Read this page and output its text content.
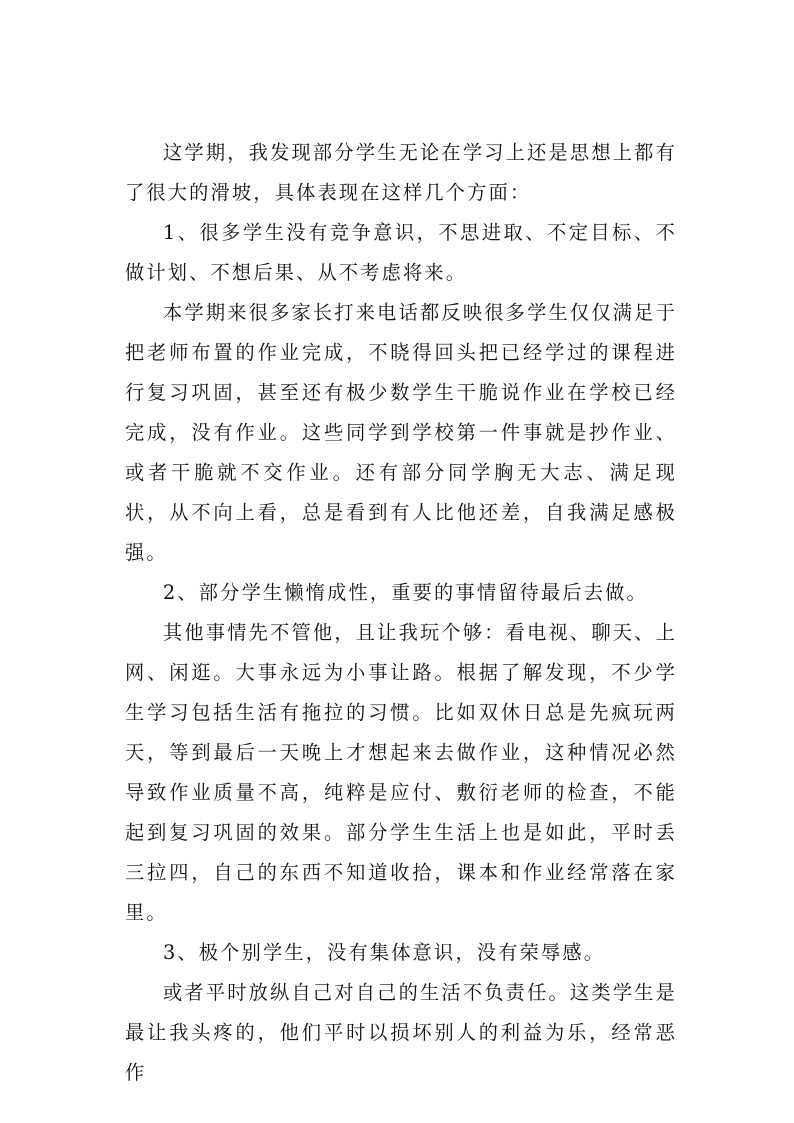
这学期，我发现部分学生无论在学习上还是思想上都有了很大的滑坡，具体表现在这样几个方面：

1、很多学生没有竞争意识，不思进取、不定目标、不做计划、不想后果、从不考虑将来。

本学期来很多家长打来电话都反映很多学生仅仅满足于把老师布置的作业完成，不晓得回头把已经学过的课程进行复习巩固，甚至还有极少数学生干脆说作业在学校已经完成，没有作业。这些同学到学校第一件事就是抄作业、或者干脆就不交作业。还有部分同学胸无大志、满足现状，从不向上看，总是看到有人比他还差，自我满足感极强。

2、部分学生懒惰成性，重要的事情留待最后去做。

其他事情先不管他，且让我玩个够：看电视、聊天、上网、闲逛。大事永远为小事让路。根据了解发现，不少学生学习包括生活有拖拉的习惯。比如双休日总是先疯玩两天，等到最后一天晚上才想起来去做作业，这种情况必然导致作业质量不高，纯粹是应付、敷衍老师的检查，不能起到复习巩固的效果。部分学生生活上也是如此，平时丢三拉四，自己的东西不知道收拾，课本和作业经常落在家里。

3、极个别学生，没有集体意识，没有荣辱感。

或者平时放纵自己对自己的生活不负责任。这类学生是最让我头疼的，他们平时以损坏别人的利益为乐，经常恶作
